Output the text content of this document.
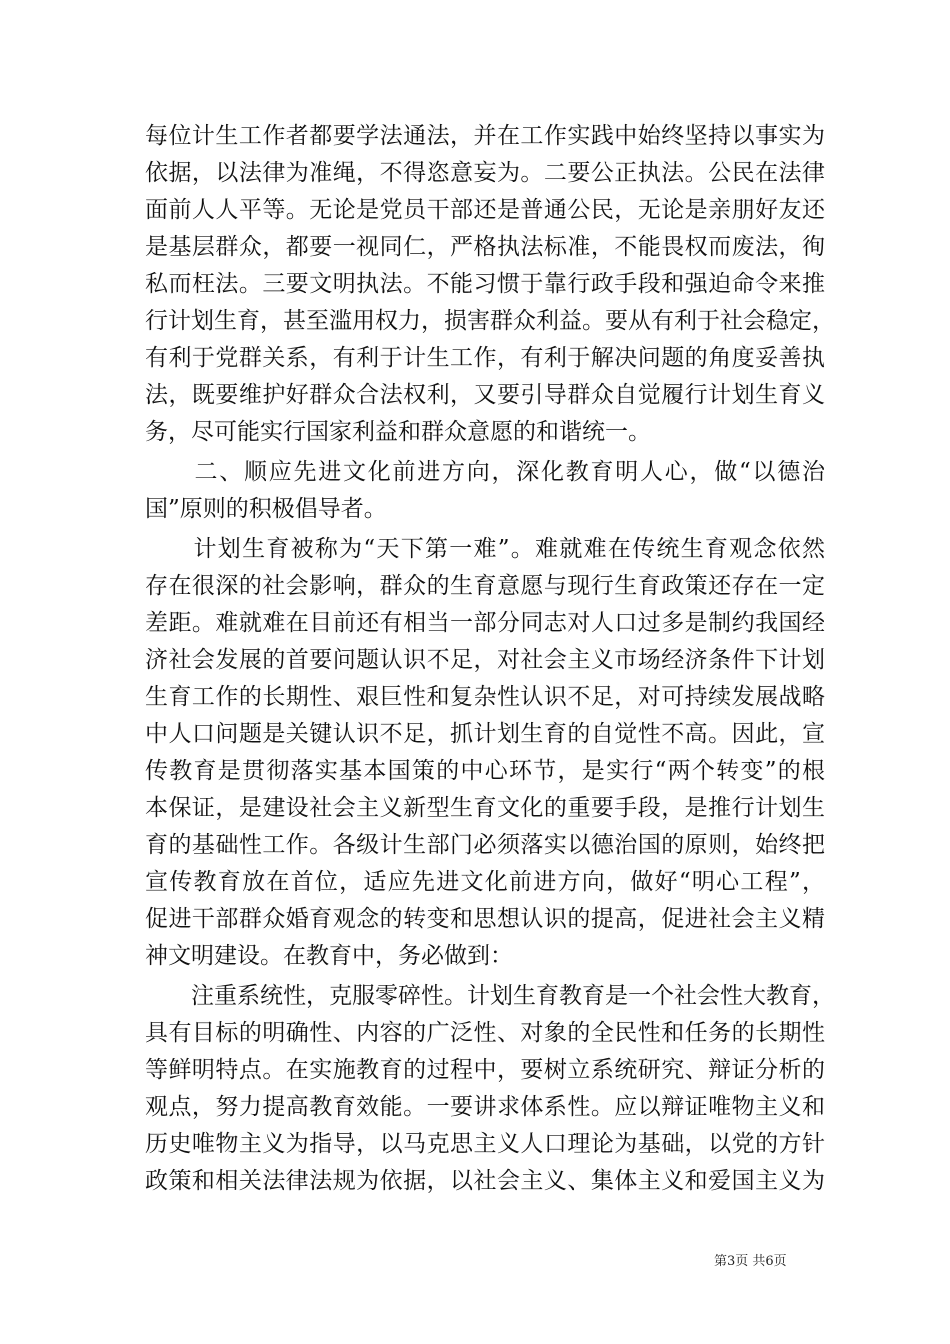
每位计生工作者都要学法通法，并在工作实践中始终坚持以事实为
依据，以法律为准绳，不得恣意妄为。二要公正执法。公民在法律
面前人人平等。无论是党员干部还是普通公民，无论是亲朋好友还
是基层群众，都要一视同仁，严格执法标准，不能畏权而废法，徇
私而枉法。三要文明执法。不能习惯于靠行政手段和强迫命令来推
行计划生育，甚至滥用权力，损害群众利益。要从有利于社会稳定，
有利于党群关系，有利于计生工作，有利于解决问题的角度妥善执
法，既要维护好群众合法权利，又要引导群众自觉履行计划生育义
务，尽可能实行国家利益和群众意愿的和谐统一。
　　二、顺应先进文化前进方向，深化教育明人心，做“以德治
国”原则的积极倡导者。
　　计划生育被称为“天下第一难”。难就难在传统生育观念依然
存在很深的社会影响，群众的生育意愿与现行生育政策还存在一定
差距。难就难在目前还有相当一部分同志对人口过多是制约我国经
济社会发展的首要问题认识不足，对社会主义市场经济条件下计划
生育工作的长期性、艰巨性和复杂性认识不足，对可持续发展战略
中人口问题是关键认识不足，抓计划生育的自觉性不高。因此，宣
传教育是贯彻落实基本国策的中心环节，是实行“两个转变”的根
本保证，是建设社会主义新型生育文化的重要手段，是推行计划生
育的基础性工作。各级计生部门必须落实以德治国的原则，始终把
宣传教育放在首位，适应先进文化前进方向，做好“明心工程”，
促进干部群众婚育观念的转变和思想认识的提高，促进社会主义精
神文明建设。在教育中，务必做到：
　　注重系统性，克服零碎性。计划生育教育是一个社会性大教育，
具有目标的明确性、内容的广泛性、对象的全民性和任务的长期性
等鲜明特点。在实施教育的过程中，要树立系统研究、辩证分析的
观点，努力提高教育效能。一要讲求体系性。应以辩证唯物主义和
历史唯物主义为指导，以马克思主义人口理论为基础，以党的方针
政策和相关法律法规为依据，以社会主义、集体主义和爱国主义为
第3页 共6页
